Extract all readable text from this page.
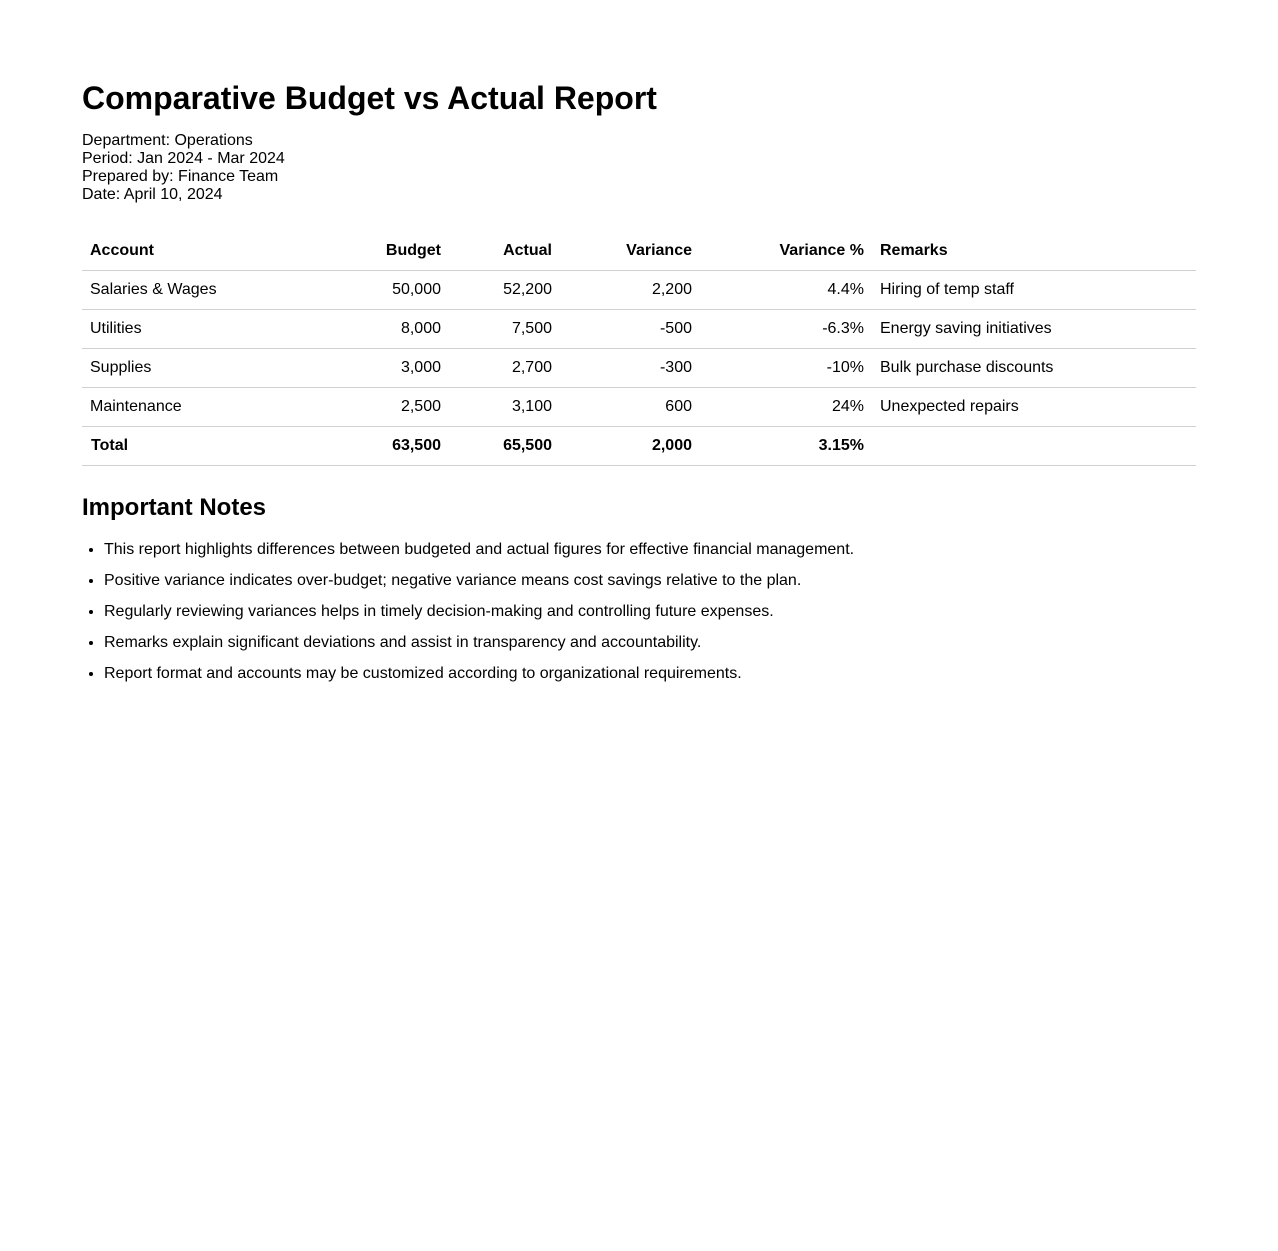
Comparative Budget vs Actual Report
Department: Operations
Period: Jan 2024 - Mar 2024
Prepared by: Finance Team
Date: April 10, 2024
Account	Budget	Actual	Variance	Variance %	Remarks
Salaries & Wages	50,000	52,200	2,200	4.4%	Hiring of temp staff
Utilities	8,000	7,500	-500	-6.3%	Energy saving initiatives
Supplies	3,000	2,700	-300	-10%	Bulk purchase discounts
Maintenance	2,500	3,100	600	24%	Unexpected repairs
Total	63,500	65,500	2,000	3.15%	
Important Notes
• This report highlights differences between budgeted and actual figures for effective financial management.
• Positive variance indicates over-budget; negative variance means cost savings relative to the plan.
• Regularly reviewing variances helps in timely decision-making and controlling future expenses.
• Remarks explain significant deviations and assist in transparency and accountability.
• Report format and accounts may be customized according to organizational requirements.
